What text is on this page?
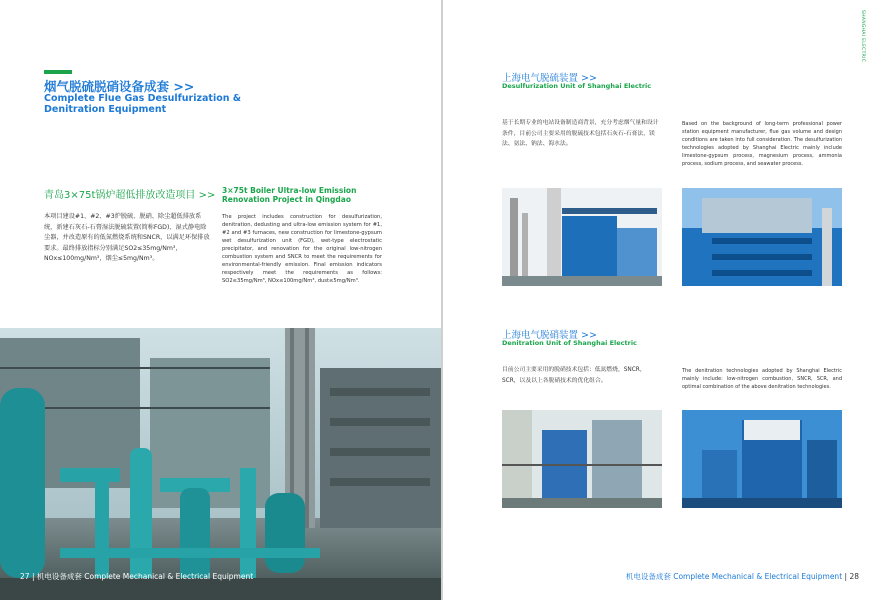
烟气脱硫脱硝设备成套 >>
Complete Flue Gas Desulfurization & Denitration Equipment
青岛3×75t锅炉超低排放改造项目 >> 3×75t Boiler Ultra-low Emission Renovation Project in Qingdao
本项目建设#1、#2、#3炉脱硫、脱硝、除尘超低排放系统，新建石灰石-石膏湿法脱硫装置(简称FGD)、湿式静电除尘器，并改造原有的低氮燃烧系统和SNCR，以满足环保排放要求。最终排放指标分别满足SO2≤35mg/Nm³，NOx≤100mg/Nm³，烟尘≤5mg/Nm³。
The project includes construction for desulfurization, denitration, dedusting and ultra-low emission system for #1, #2 and #3 furnaces, new construction for limestone-gypsum wet desulfurization unit (FGD), wet-type electrostatic precipitator, and renovation for the original low-nitrogen combustion system and SNCR to meet the requirements for environmental-friendly emission. Final emission indicators respectively meet the requirements as follows: SO2≤35mg/Nm³, NOx≤100mg/Nm³, dust≤5mg/Nm³.
27 | 机电设备成套 Complete Mechanical & Electrical Equipment
SHANGHAI ELECTRIC
上海电气脱硫装置 >>
Desulfurization Unit of Shanghai Electric
基于长期专业的电站设备制造商背景，充分考虑烟气量和设计条件，目前公司主要采用的脱硫技术包括石灰石-石膏法，镁法、氨法、钠法、海水法。
Based on the background of long-term professional power station equipment manufacturer, flue gas volume and design conditions are taken into full consideration. The desulfurization technologies adopted by Shanghai Electric mainly include limestone-gypsum process, magnesium process, ammonia process, sodium process, and seawater process.
上海电气脱硝装置 >>
Denitration Unit of Shanghai Electric
目前公司主要采用的脱硝技术包括：低氮燃烧，SNCR，SCR，以及以上各脱硝技术的优化组合。
The denitration technologies adopted by Shanghai Electric mainly include: low-nitrogen combustion, SNCR, SCR, and optimal combination of the above denitration technologies.
机电设备成套 Complete Mechanical & Electrical Equipment | 28
